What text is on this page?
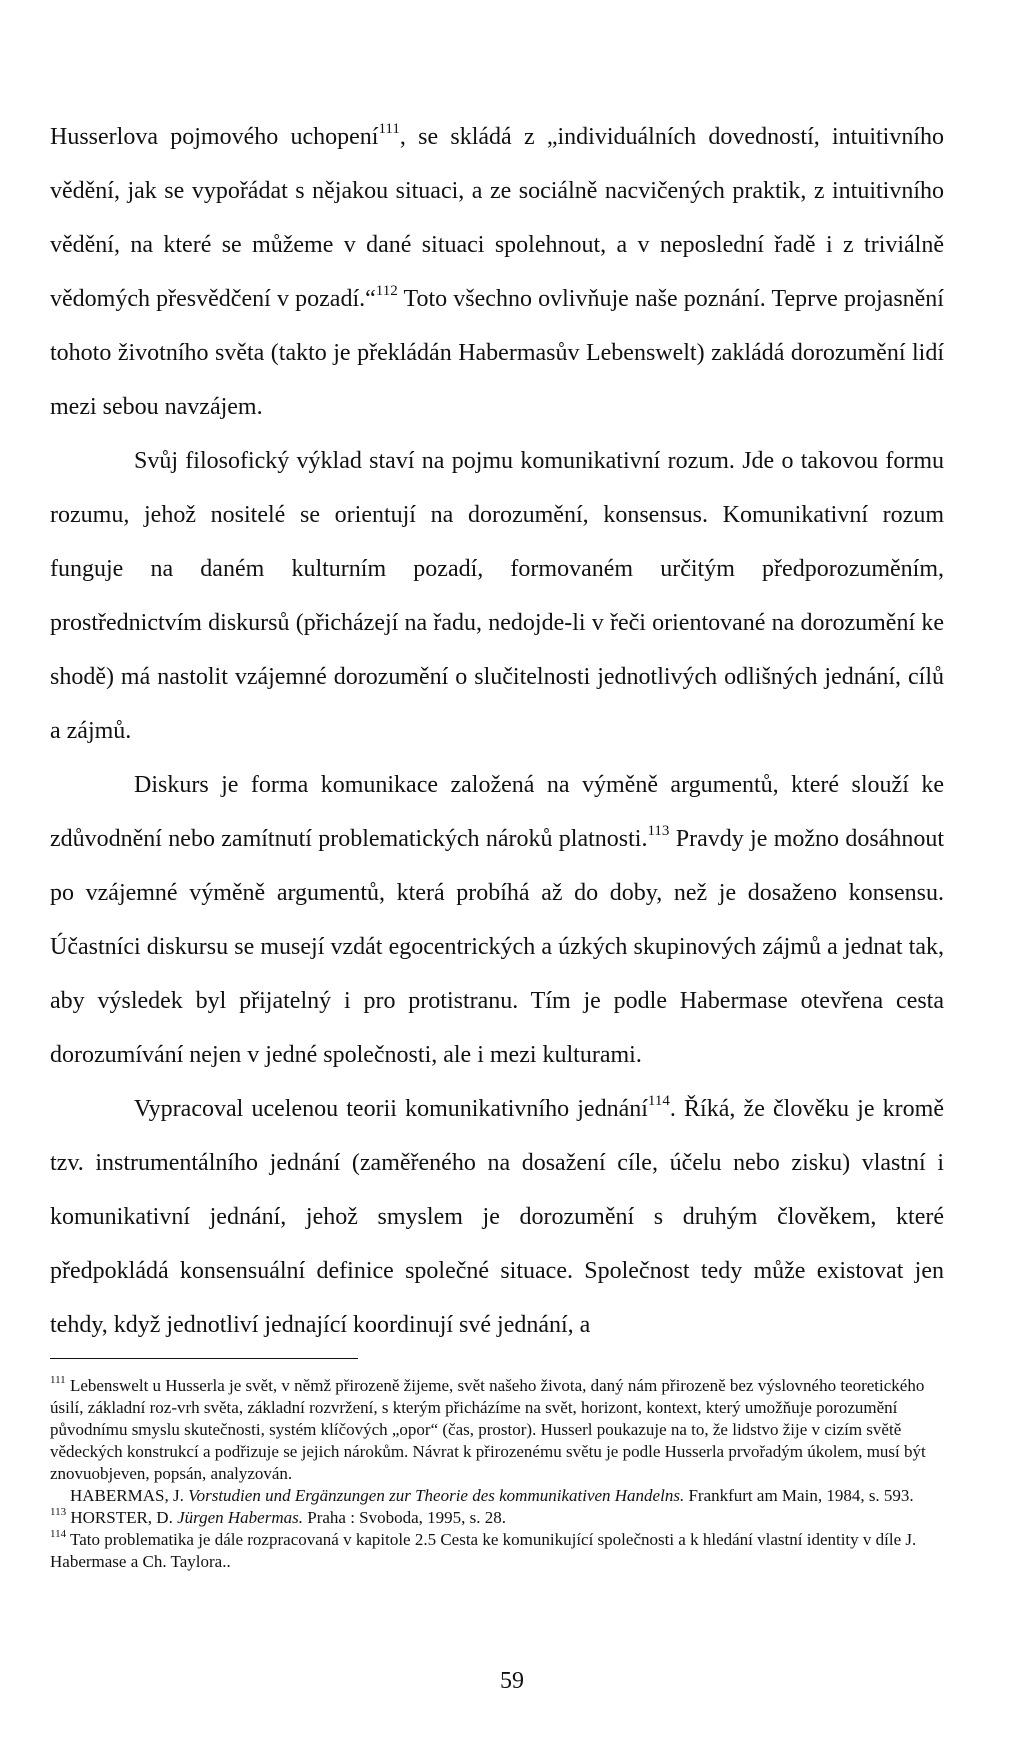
Husserlova pojmového uchopení$^{111}$, se skládá z „individuálních dovedností, intuitivního vědění, jak se vypořádat s nějakou situaci, a ze sociálně nacvičených praktik, z intuitivního vědění, na které se můžeme v dané situaci spolehnout, a v neposlední řadě i z triviálně vědomých přesvědčení v pozadí.“$^{112}$ Toto všechno ovlivňuje naše poznání. Teprve projasnění tohoto životního světa (takto je překládán Habermasův Lebenswelt) zakládá dorozumění lidí mezi sebou navzájem.

Svůj filosofický výklad staví na pojmu komunikativní rozum. Jde o takovou formu rozumu, jehož nositelé se orientují na dorozumění, konsensus. Komunikativní rozum funguje na daném kulturním pozadí, formovaném určitým předporozuměním, prostřednictvím diskursů (přicházejí na řadu, nedojde-li v řeči orientované na dorozumění ke shodě) má nastolit vzájemné dorozumění o slučitelnosti jednotlivých odlišných jednání, cílů a zájmů.

Diskurs je forma komunikace založená na výměně argumentů, které slouží ke zdůvodnění nebo zamítnutí problematických nároků platnosti.$^{113}$ Pravdy je možno dosáhnout po vzájemné výměně argumentů, která probíhá až do doby, než je dosaženo konsensu. Účastníci diskursu se musejí vzdát egocentrických a úzkých skupinových zájmů a jednat tak, aby výsledek byl přijatelný i pro protistranu. Tím je podle Habermase otevřena cesta dorozumívání nejen v jedné společnosti, ale i mezi kulturami.

Vypracoval ucelenou teorii komunikativního jednání$^{114}$. Říká, že člověku je kromě tzv. instrumentálního jednání (zaměřeného na dosažení cíle, účelu nebo zisku) vlastní i komunikativní jednání, jehož smyslem je dorozumění s druhým člověkem, které předpokládá konsensuální definice společné situace. Společnost tedy může existovat jen tehdy, když jednotliví jednající koordinují své jednání, a

$^{111}$ Lebenswelt u Husserla je svět, v němž přirozeně žijeme, svět našeho života, daný nám přirozeně bez výslovného teoretického úsilí, základní roz-vrh světa, základní rozvržení, s kterým přicházíme na svět, horizont, kontext, který umožňuje porozumění původnímu smyslu skutečnosti, systém klíčových „opor“ (čas, prostor). Husserl poukazuje na to, že lidstvo žije v cizím světě vědeckých konstrukcí a podřizuje se jejich nárokům. Návrat k přirozenému světu je podle Husserla prvořadým úkolem, musí být znovuobjeven, popsán, analyzován.

HABERMAS, J. Vorstudien und Ergänzungen zur Theorie des kommunikativen Handelns. Frankfurt am Main, 1984, s. 593.

$^{113}$ HORSTER, D. Jürgen Habermas. Praha : Svoboda, 1995, s. 28.

$^{114}$ Tato problematika je dále rozpracovaná v kapitole 2.5 Cesta ke komunikující společnosti a k hledání vlastní identity v díle J. Habermase a Ch. Taylora..

59
